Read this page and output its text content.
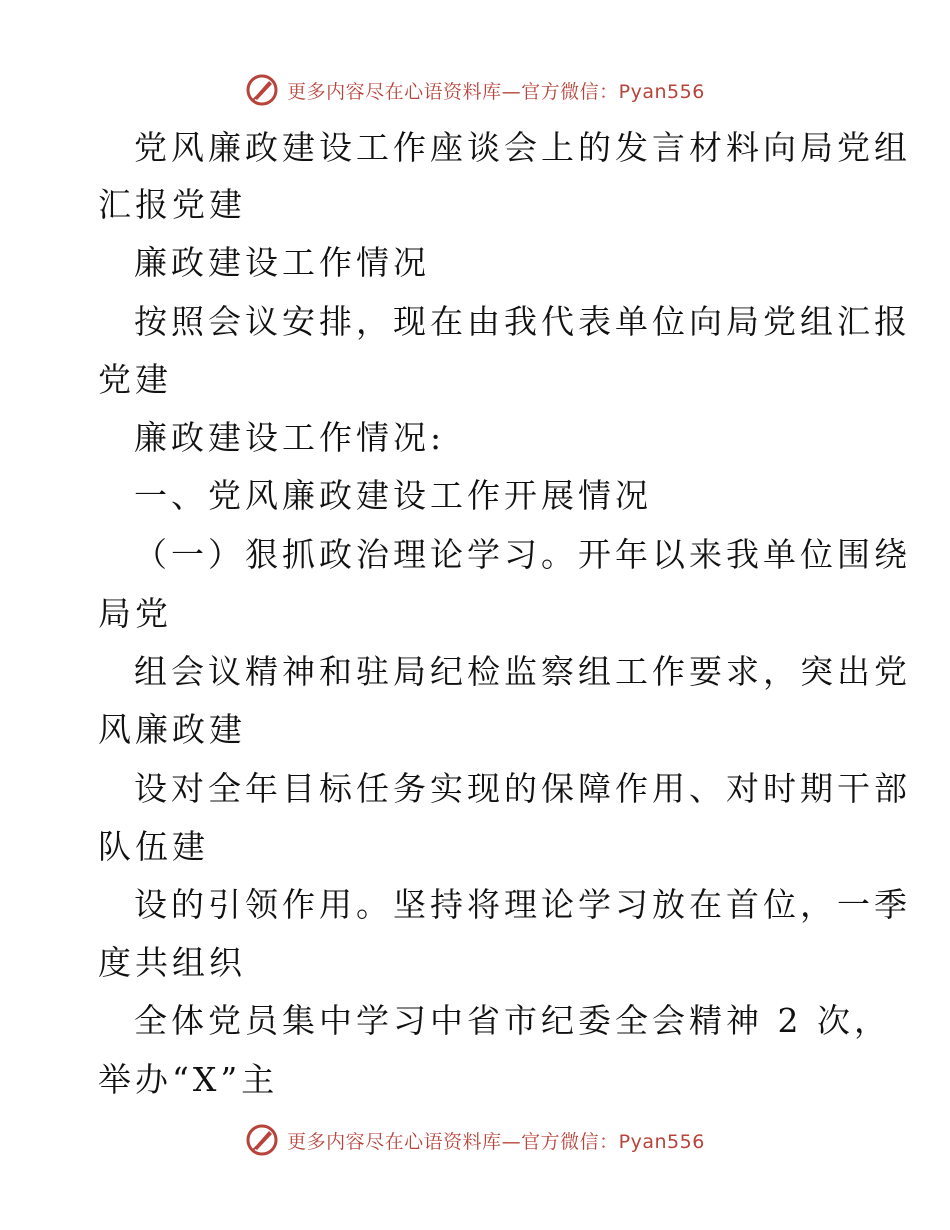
更多内容尽在心语资料库—官方微信：Pyan556
党风廉政建设工作座谈会上的发言材料向局党组
汇报党建
廉政建设工作情况
按照会议安排，现在由我代表单位向局党组汇报
党建
廉政建设工作情况:
一、党风廉政建设工作开展情况
（一）狠抓政治理论学习。开年以来我单位围绕
局党
组会议精神和驻局纪检监察组工作要求，突出党
风廉政建
设对全年目标任务实现的保障作用、对时期干部
队伍建
设的引领作用。坚持将理论学习放在首位，一季
度共组织
全体党员集中学习中省市纪委全会精神 2 次，
举办“X”主
更多内容尽在心语资料库—官方微信：Pyan556
